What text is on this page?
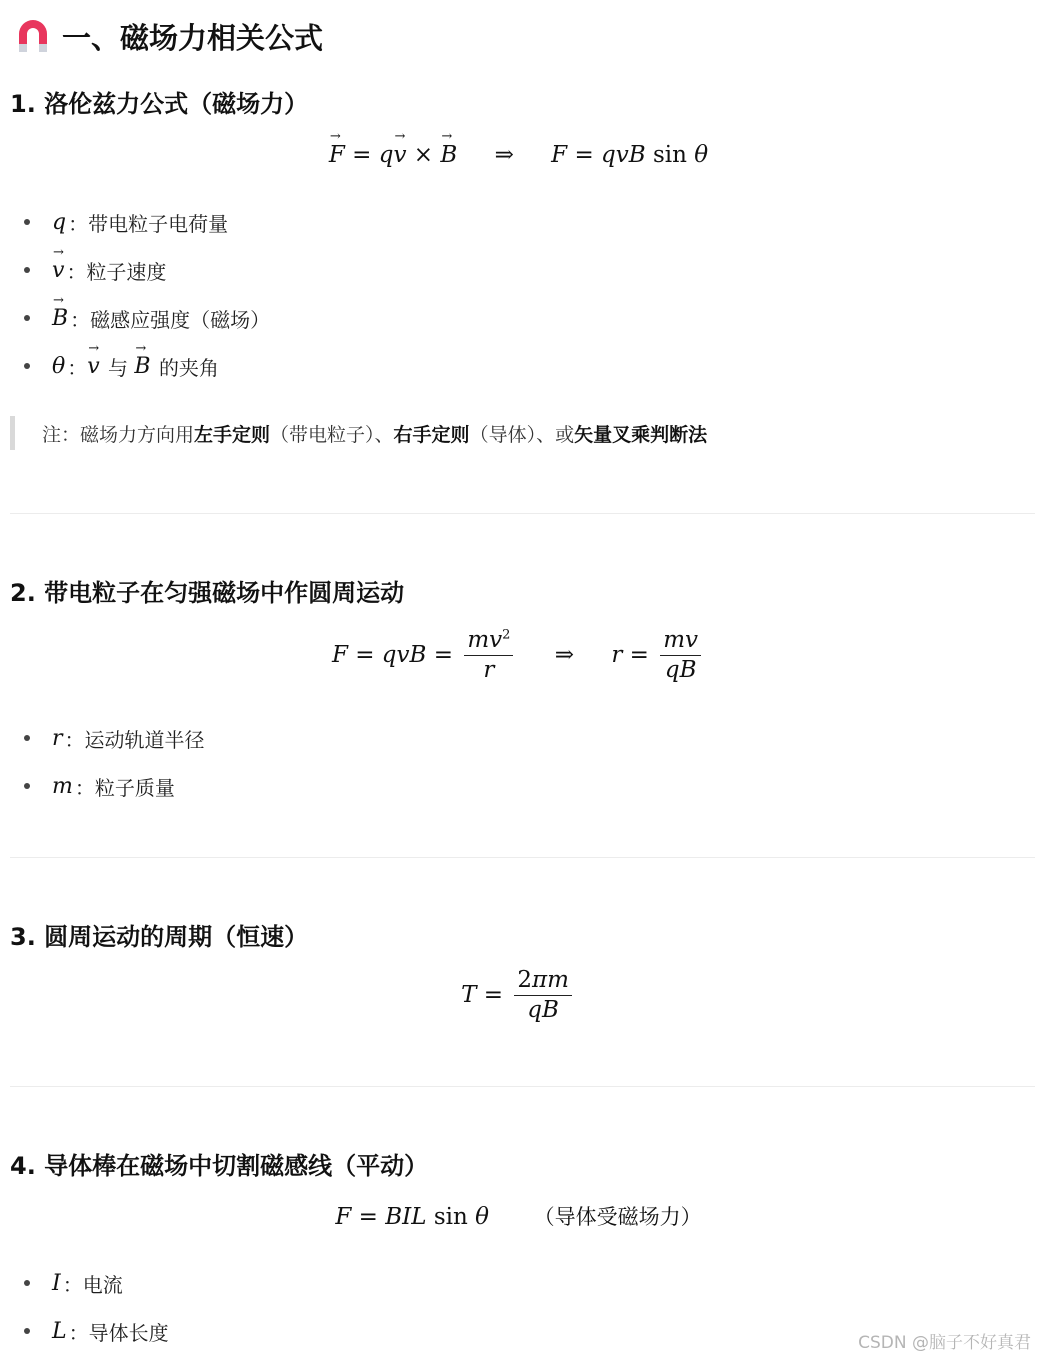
一、磁场力相关公式
1. 洛伦兹力公式（磁场力）
→ F = q→ v × → B ⇒ F = qvB sin θ
q ： 带电粒子电荷量
→ v ： 粒子速度
→ B ： 磁感应强度（磁场）
θ ： → v
与
→ B
的夹角
注：磁场力方向用 左手定则 （带电粒子）、 右手定则 （导体）、或 矢量叉乘判断法
2. 带电粒子在匀强磁场中作圆周运动
F = qvB = $\frac{mv^2}{r}$ ⇒ $r = \frac{mv}{qB}$
r ： 运动轨道半径
m ： 粒子质量
3. 圆周运动的周期（恒速）
$T = \frac{2\pi m}{qB}$
4. 导体棒在磁场中切割磁感线（平动）
F = BIL sin θ  （导体受磁场力）
I ： 电流
L ： 导体长度	CSDN @脑子不好真君
